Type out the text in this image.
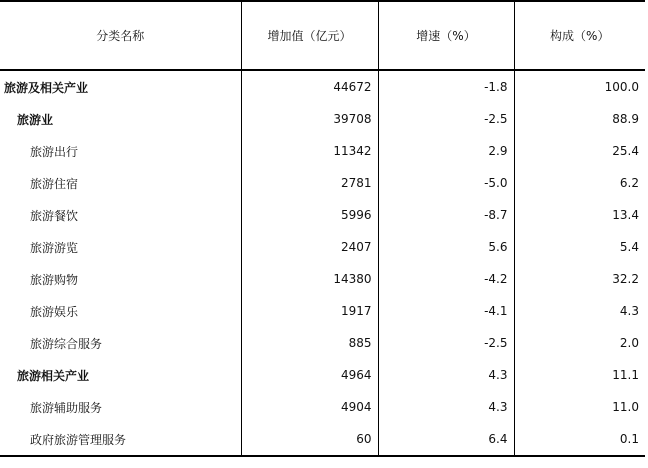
分类名称	增加值（亿元）	增速（%）	构成（%）
旅游及相关产业	44672	-1.8	100.0
旅游业	39708	-2.5	88.9
旅游出行	11342	2.9	25.4
旅游住宿	2781	-5.0	6.2
旅游餐饮	5996	-8.7	13.4
旅游游览	2407	5.6	5.4
旅游购物	14380	-4.2	32.2
旅游娱乐	1917	-4.1	4.3
旅游综合服务	885	-2.5	2.0
旅游相关产业	4964	4.3	11.1
旅游辅助服务	4904	4.3	11.0
政府旅游管理服务	60	6.4	0.1
